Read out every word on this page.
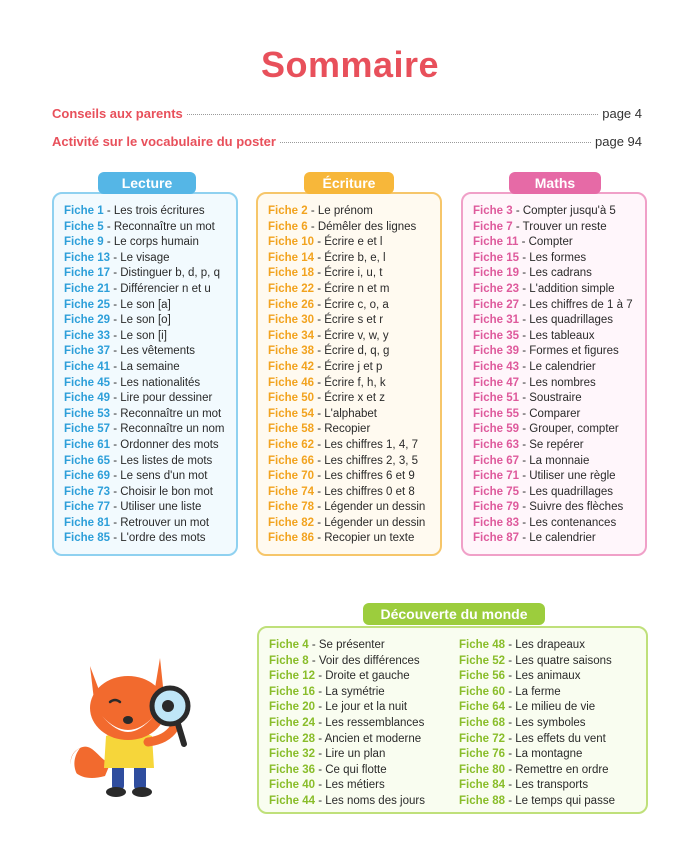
Sommaire
Conseils aux parents	page 4
Activité sur le vocabulaire du poster	page 94
Fiche 1 - Les trois écritures
Fiche 5 - Reconnaître un mot
Fiche 9 - Le corps humain
Fiche 13 - Le visage
Fiche 17 - Distinguer b, d, p, q
Fiche 21 - Différencier n et u
Fiche 25 - Le son [a]
Fiche 29 - Le son [o]
Fiche 33 - Le son [i]
Fiche 37 - Les vêtements
Fiche 41 - La semaine
Fiche 45 - Les nationalités
Fiche 49 - Lire pour dessiner
Fiche 53 - Reconnaître un mot
Fiche 57 - Reconnaître un nom
Fiche 61 - Ordonner des mots
Fiche 65 - Les listes de mots
Fiche 69 - Le sens d'un mot
Fiche 73 - Choisir le bon mot
Fiche 77 - Utiliser une liste
Fiche 81 - Retrouver un mot
Fiche 85 - L'ordre des mots
Lecture
Fiche 2 - Le prénom
Fiche 6 - Démêler des lignes
Fiche 10 - Écrire e et l
Fiche 14 - Écrire b, e, l
Fiche 18 - Écrire i, u, t
Fiche 22 - Écrire n et m
Fiche 26 - Écrire c, o, a
Fiche 30 - Écrire s et r
Fiche 34 - Écrire v, w, y
Fiche 38 - Écrire d, q, g
Fiche 42 - Écrire j et p
Fiche 46 - Écrire f, h, k
Fiche 50 - Écrire x et z
Fiche 54 - L'alphabet
Fiche 58 - Recopier
Fiche 62 - Les chiffres 1, 4, 7
Fiche 66 - Les chiffres 2, 3, 5
Fiche 70 - Les chiffres 6 et 9
Fiche 74 - Les chiffres 0 et 8
Fiche 78 - Légender un dessin
Fiche 82 - Légender un dessin
Fiche 86 - Recopier un texte
Écriture
Fiche 3 - Compter jusqu'à 5
Fiche 7 - Trouver un reste
Fiche 11 - Compter
Fiche 15 - Les formes
Fiche 19 - Les cadrans
Fiche 23 - L'addition simple
Fiche 27 - Les chiffres de 1 à 7
Fiche 31 - Les quadrillages
Fiche 35 - Les tableaux
Fiche 39 - Formes et figures
Fiche 43 - Le calendrier
Fiche 47 - Les nombres
Fiche 51 - Soustraire
Fiche 55 - Comparer
Fiche 59 - Grouper, compter
Fiche 63 - Se repérer
Fiche 67 - La monnaie
Fiche 71 - Utiliser une règle
Fiche 75 - Les quadrillages
Fiche 79 - Suivre des flèches
Fiche 83 - Les contenances
Fiche 87 - Le calendrier
Maths
Fiche 4 - Se présenter
Fiche 8 - Voir des différences
Fiche 12 - Droite et gauche
Fiche 16 - La symétrie
Fiche 20 - Le jour et la nuit
Fiche 24 - Les ressemblances
Fiche 28 - Ancien et moderne
Fiche 32 - Lire un plan
Fiche 36 - Ce qui flotte
Fiche 40 - Les métiers
Fiche 44 - Les noms des jours
Fiche 48 - Les drapeaux
Fiche 52 - Les quatre saisons
Fiche 56 - Les animaux
Fiche 60 - La ferme
Fiche 64 - Le milieu de vie
Fiche 68 - Les symboles
Fiche 72 - Les effets du vent
Fiche 76 - La montagne
Fiche 80 - Remettre en ordre
Fiche 84 - Les transports
Fiche 88 - Le temps qui passe
Découverte du monde
